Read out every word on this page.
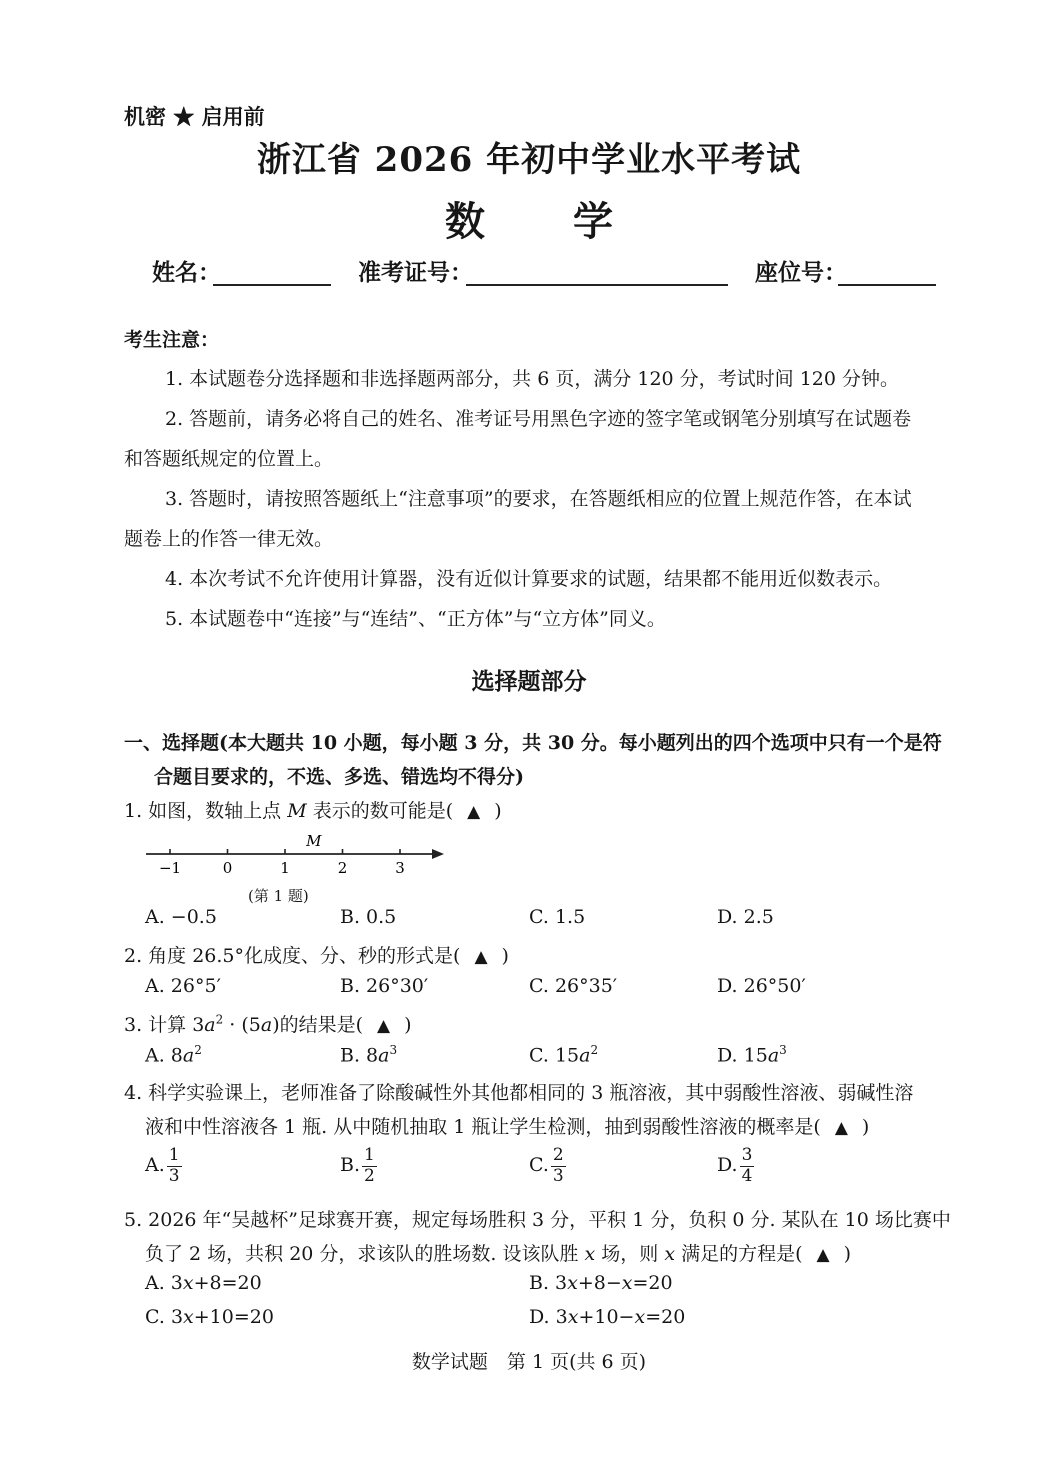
机密 ★ 启用前
浙江省 2026 年初中学业水平考试
数学
姓名：	准考证号：	座位号：
考生注意：
1. 本试题卷分选择题和非选择题两部分，共 6 页，满分 120 分，考试时间 120 分钟。
2. 答题前，请务必将自己的姓名、准考证号用黑色字迹的签字笔或钢笔分别填写在试题卷
和答题纸规定的位置上。
3. 答题时，请按照答题纸上“注意事项”的要求，在答题纸相应的位置上规范作答，在本试
题卷上的作答一律无效。
4. 本次考试不允许使用计算器，没有近似计算要求的试题，结果都不能用近似数表示。
5. 本试题卷中“连接”与“连结”、“正方体”与“立方体”同义。
选择题部分
一、选择题(本大题共 10 小题，每小题 3 分，共 30 分。每小题列出的四个选项中只有一个是符
合题目要求的，不选、多选、错选均不得分)
1. 如图，数轴上点 M 表示的数可能是( ▲ )
−1	0	1	2	3
M
(第 1 题)
A. −0.5	B. 0.5	C. 1.5	D. 2.5
2. 角度 26.5°化成度、分、秒的形式是( ▲ )
A. 26°5′	B. 26°30′	C. 26°35′	D. 26°50′
3. 计算 $3a^2 \cdot (5a)$的结果是( ▲ )
A. $8a^2$	B. $8a^3$	C. $15a^2$	D. $15a^3$
4. 科学实验课上，老师准备了除酸碱性外其他都相同的 3 瓶溶液，其中弱酸性溶液、弱碱性溶
液和中性溶液各 1 瓶. 从中随机抽取 1 瓶让学生检测，抽到弱酸性溶液的概率是( ▲ )
A. $\frac{1}{3}$	B. $\frac{1}{2}$	C. $\frac{2}{3}$	D. $\frac{3}{4}$
5. 2026 年“吴越杯”足球赛开赛，规定每场胜积 3 分，平积 1 分，负积 0 分. 某队在 10 场比赛中
负了 2 场，共积 20 分，求该队的胜场数. 设该队胜 x 场，则 x 满足的方程是( ▲ )
A. 3x+8=20	B. 3x+8−x=20
C. 3x+10=20	D. 3x+10−x=20
数学试题　第 1 页(共 6 页)
